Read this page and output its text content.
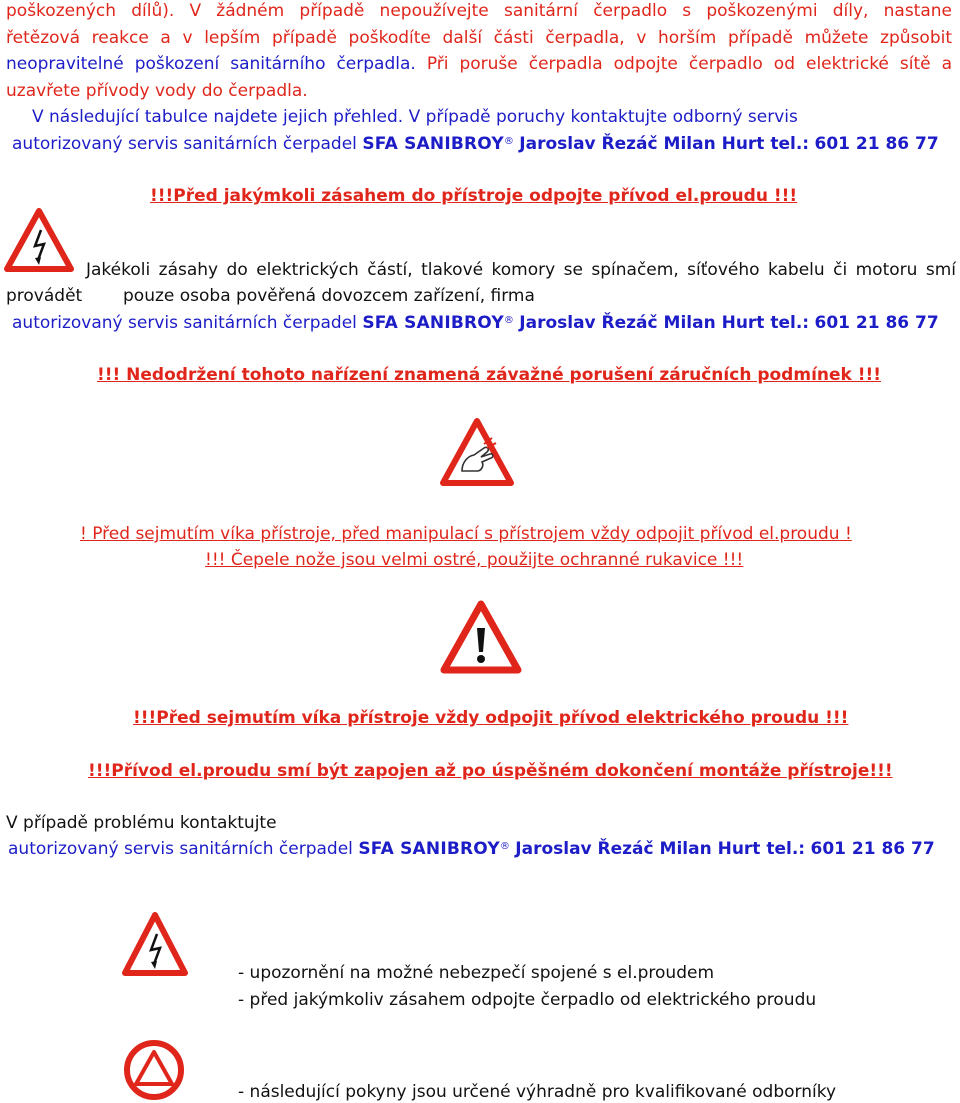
poškozených dílů). V žádném případě nepoužívejte sanitární čerpadlo s poškozenými díly, nastane
řetězová reakce a v lepším případě poškodíte další části čerpadla, v horším případě můžete způsobit
neopravitelné poškození sanitárního čerpadla. Při poruše čerpadla odpojte čerpadlo od elektrické sítě a
uzavřete přívody vody do čerpadla.
V následující tabulce najdete jejich přehled. V případě poruchy kontaktujte odborný servis
autorizovaný servis sanitárních čerpadel SFA SANIBROY® Jaroslav Řezáč Milan Hurt tel.: 601 21 86 77
!!!Před jakýmkoli zásahem do přístroje odpojte přívod el.proudu !!!
Jakékoli zásahy do elektrických částí, tlakové komory se spínačem, síťového kabelu či motoru smí
provádět pouze osoba pověřená dovozcem zařízení, firma
autorizovaný servis sanitárních čerpadel SFA SANIBROY® Jaroslav Řezáč Milan Hurt tel.: 601 21 86 77
!!! Nedodržení tohoto nařízení znamená závažné porušení záručních podmínek !!!
! Před sejmutím víka přístroje, před manipulací s přístrojem vždy odpojit přívod el.proudu !
!!! Čepele nože jsou velmi ostré, použijte ochranné rukavice !!!
!!!Před sejmutím víka přístroje vždy odpojit přívod elektrického proudu !!!
!!!Přívod el.proudu smí být zapojen až po úspěšném dokončení montáže přístroje!!!
V případě problému kontaktujte
autorizovaný servis sanitárních čerpadel SFA SANIBROY® Jaroslav Řezáč Milan Hurt tel.: 601 21 86 77
- upozornění na možné nebezpečí spojené s el.proudem
- před jakýmkoliv zásahem odpojte čerpadlo od elektrického proudu
- následující pokyny jsou určené výhradně pro kvalifikované odborníky
